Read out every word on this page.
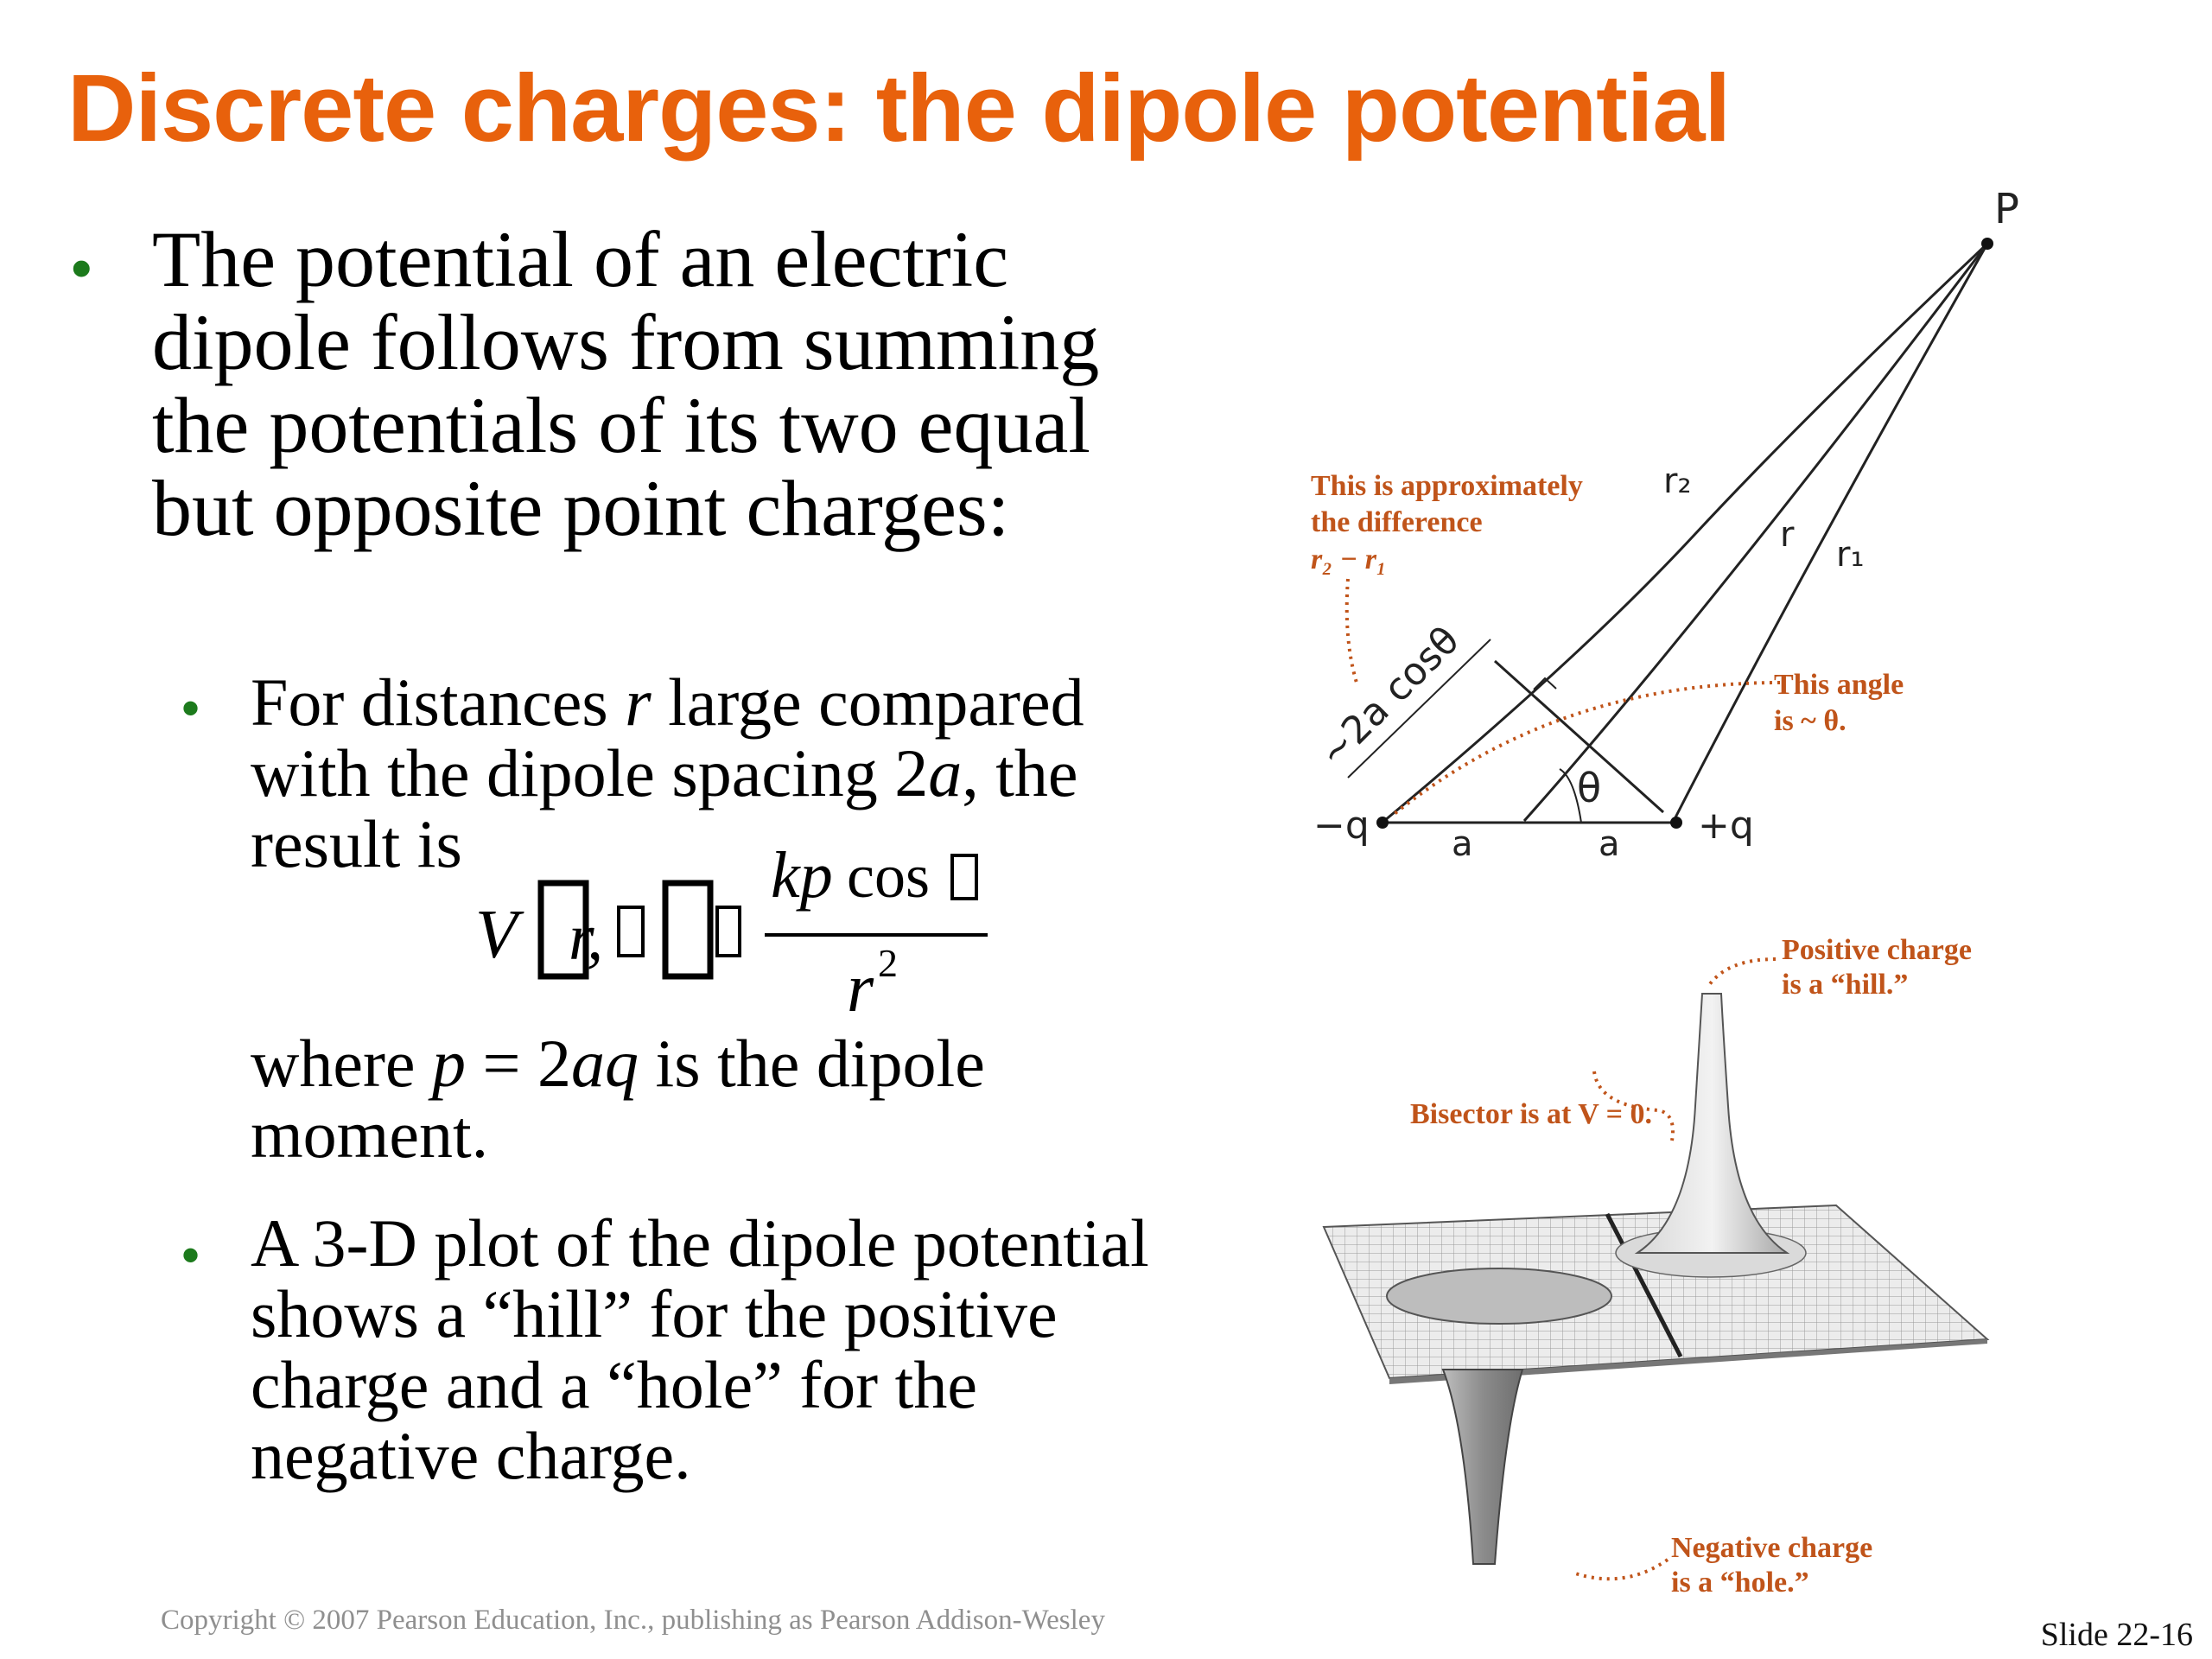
Discrete charges: the dipole potential
• The potential of an electric dipole follows from summing the potentials of its two equal but opposite point charges:
• For distances r large compared with the dipole spacing 2a, the result is
V r,
kp cos
r 2
where p = 2aq is the dipole moment.
• A 3-D plot of the dipole potential shows a “hill” for the positive charge and a “hole” for the negative charge.
P
r₂
r r₁
~2a cosθ
θ
−q	+q
a	a
This is approximately
the difference
r₂ − r₁
This angle
is ~ θ.
Positive charge
is a “hill.”
Bisector is at V = 0.
Negative charge
is a “hole.”
Copyright © 2007 Pearson Education, Inc., publishing as Pearson Addison-Wesley	Slide 22-16
